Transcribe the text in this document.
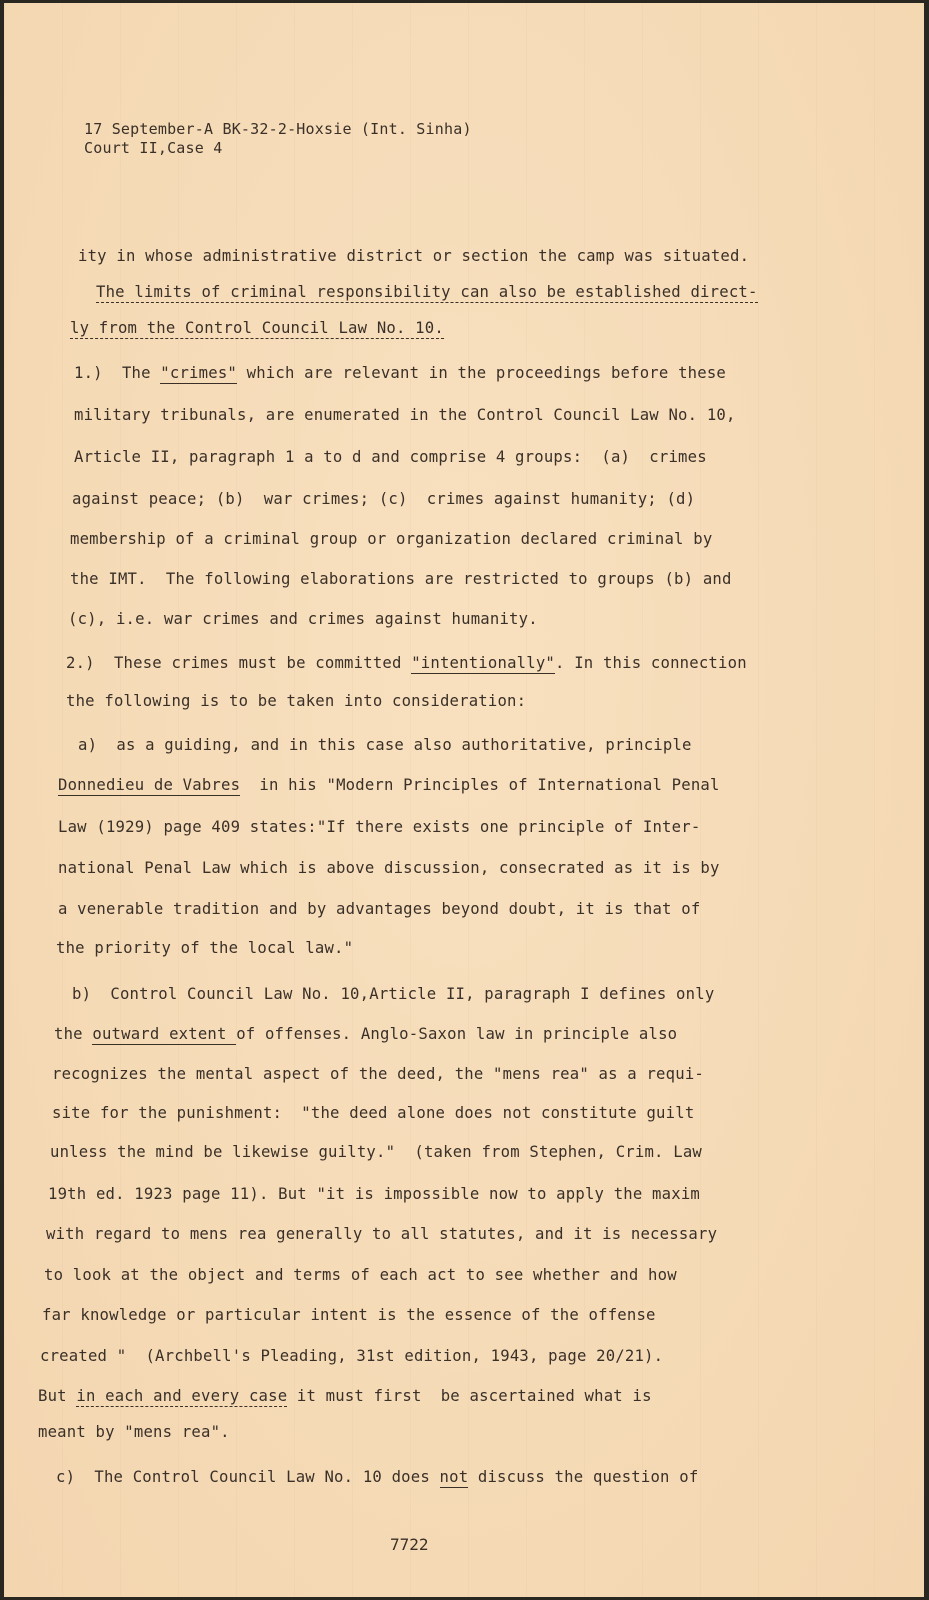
17 September-A BK-32-2-Hoxsie (Int. Sinha)
Court II,Case 4
ity in whose administrative district or section the camp was situated.
The limits of criminal responsibility can also be established direct-
ly from the Control Council Law No. 10.
1.)  The "crimes" which are relevant in the proceedings before these
military tribunals, are enumerated in the Control Council Law No. 10,
Article II, paragraph 1 a to d and comprise 4 groups:  (a)  crimes
against peace; (b)  war crimes; (c)  crimes against humanity; (d)
membership of a criminal group or organization declared criminal by
the IMT.  The following elaborations are restricted to groups (b) and
(c), i.e. war crimes and crimes against humanity.
2.)  These crimes must be committed "intentionally". In this connection
the following is to be taken into consideration:
a)  as a guiding, and in this case also authoritative, principle
Donnedieu de Vabres  in his "Modern Principles of International Penal
Law (1929) page 409 states:"If there exists one principle of Inter-
national Penal Law which is above discussion, consecrated as it is by
a venerable tradition and by advantages beyond doubt, it is that of
the priority of the local law."
b)  Control Council Law No. 10,Article II, paragraph I defines only
the outward extent of offenses. Anglo-Saxon law in principle also
recognizes the mental aspect of the deed, the "mens rea" as a requi-
site for the punishment:  "the deed alone does not constitute guilt
unless the mind be likewise guilty."  (taken from Stephen, Crim. Law
19th ed. 1923 page 11). But "it is impossible now to apply the maxim
with regard to mens rea generally to all statutes, and it is necessary
to look at the object and terms of each act to see whether and how
far knowledge or particular intent is the essence of the offense
created "  (Archbell's Pleading, 31st edition, 1943, page 20/21).
But in each and every case it must first  be ascertained what is
meant by "mens rea".
c)  The Control Council Law No. 10 does not discuss the question of
7722
